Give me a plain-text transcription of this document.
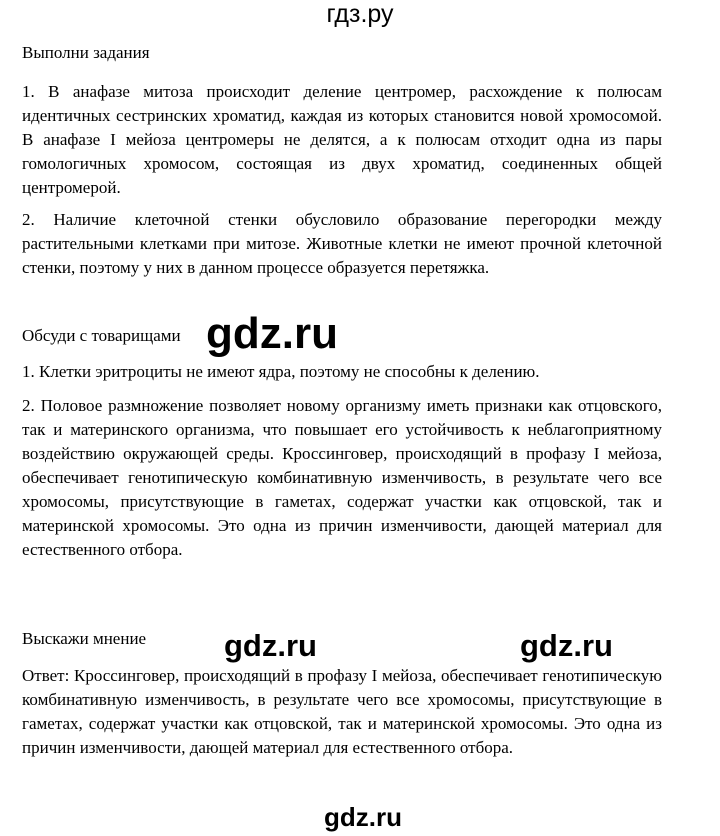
гдз.ру
Выполни задания
1. В анафазе митоза происходит деление центромер, расхождение к полюсам идентичных сестринских хроматид, каждая из которых становится новой хромосомой. В анафазе I мейоза центромеры не делятся, а к полюсам отходит одна из пары гомологичных хромосом, состоящая из двух хроматид, соединенных общей центромерой.
2. Наличие клеточной стенки обусловило образование перегородки между растительными клетками при митозе. Животные клетки не имеют прочной клеточной стенки, поэтому у них в данном процессе образуется перетяжка.
Обсуди с товарищами gdz.ru
1. Клетки эритроциты не имеют ядра, поэтому не способны к делению.
2. Половое размножение позволяет новому организму иметь признаки как отцовского, так и материнского организма, что повышает его устойчивость к неблагоприятному воздействию окружающей среды. Кроссинговер, происходящий в профазу I мейоза, обеспечивает генотипическую комбинативную изменчивость, в результате чего все хромосомы, присутствующие в гаметах, содержат участки как отцовской, так и материнской хромосомы. Это одна из причин изменчивости, дающей материал для естественного отбора.
Выскажи мнение	gdz.ru	gdz.ru
Ответ: Кроссинговер, происходящий в профазу I мейоза, обеспечивает генотипическую комбинативную изменчивость, в результате чего все хромосомы, присутствующие в гаметах, содержат участки как отцовской, так и материнской хромосомы. Это одна из причин изменчивости, дающей материал для естественного отбора.
gdz.ru
